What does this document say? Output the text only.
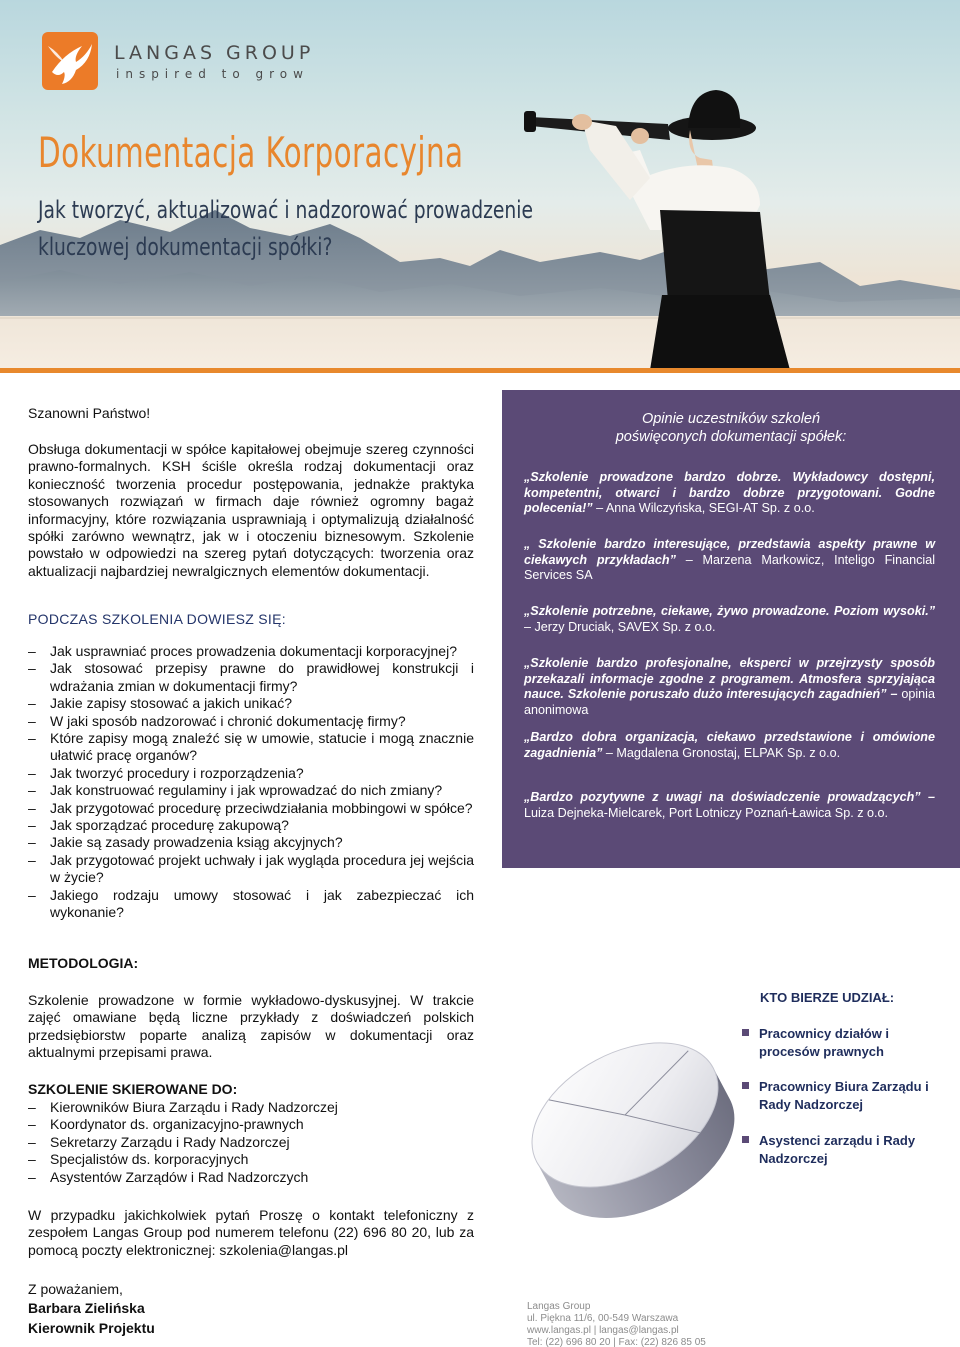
LANGAS GROUP
inspired to grow
Dokumentacja Korporacyjna
Jak tworzyć, aktualizować i nadzorować prowadzenie
kluczowej dokumentacji spółki?
Szanowni Państwo!
Obsługa dokumentacji w spółce kapitałowej obejmuje szereg czynności prawno-formalnych. KSH ściśle określa rodzaj dokumentacji oraz konieczność tworzenia procedur postępowania, jednakże praktyka stosowanych rozwiązań w firmach daje również ogromny bagaż informacyjny, które rozwiązania usprawniają i optymalizują działalność spółki zarówno wewnątrz, jak w i otoczeniu biznesowym. Szkolenie powstało w odpowiedzi na szereg pytań dotyczących: tworzenia oraz aktualizacji najbardziej newralgicznych elementów dokumentacji.
PODCZAS SZKOLENIA DOWIESZ SIĘ:
– Jak usprawniać proces prowadzenia dokumentacji korporacyjnej?
– Jak stosować przepisy prawne do prawidłowej konstrukcji i wdrażania zmian w dokumentacji firmy?
– Jakie zapisy stosować a jakich unikać?
– W jaki sposób nadzorować i chronić dokumentację firmy?
– Które zapisy mogą znaleźć się w umowie, statucie i mogą znacznie ułatwić pracę organów?
– Jak tworzyć procedury i rozporządzenia?
– Jak konstruować regulaminy i jak wprowadzać do nich zmiany?
– Jak przygotować procedurę przeciwdziałania mobbingowi w spółce?
– Jak sporządzać procedurę zakupową?
– Jakie są zasady prowadzenia ksiąg akcyjnych?
– Jak przygotować projekt uchwały i jak wygląda procedura jej wejścia w życie?
– Jakiego rodzaju umowy stosować i jak zabezpieczać ich wykonanie?
METODOLOGIA:
Szkolenie prowadzone w formie wykładowo-dyskusyjnej. W trakcie zajęć omawiane będą liczne przykłady z doświadczeń polskich przedsiębiorstw poparte analizą zapisów w dokumentacji oraz aktualnymi przepisami prawa.
SZKOLENIE SKIEROWANE DO:
– Kierowników Biura Zarządu i Rady Nadzorczej
– Koordynator ds. organizacyjno-prawnych
– Sekretarzy Zarządu i Rady Nadzorczej
– Specjalistów ds. korporacyjnych
– Asystentów Zarządów i Rad Nadzorczych
W przypadku jakichkolwiek pytań Proszę o kontakt telefoniczny z zespołem Langas Group pod numerem telefonu (22) 696 80 20, lub za pomocą poczty elektronicznej: szkolenia@langas.pl
Z poważaniem,
Barbara Zielińska
Kierownik Projektu
Opinie uczestników szkoleń
poświęconych dokumentacji spółek:
„Szkolenie prowadzone bardzo dobrze. Wykładowcy dostępni, kompetentni, otwarci i bardzo dobrze przygotowani. Godne polecenia!” – Anna Wilczyńska, SEGI-AT Sp. z o.o.
„ Szkolenie bardzo interesujące, przedstawia aspekty prawne w ciekawych przykładach” – Marzena Markowicz, Inteligo Financial Services SA
„Szkolenie potrzebne, ciekawe, żywo prowadzone. Poziom wysoki.” – Jerzy Druciak, SAVEX Sp. z o.o.
„Szkolenie bardzo profesjonalne, eksperci w przejrzysty sposób przekazali informacje zgodne z programem. Atmosfera sprzyjająca nauce. Szkolenie poruszało dużo interesujących zagadnień” – opinia anonimowa
„Bardzo dobra organizacja, ciekawo przedstawione i omówione zagadnienia” – Magdalena Gronostaj, ELPAK Sp. z o.o.
„Bardzo pozytywne z uwagi na doświadczenie prowadzących” – Luiza Dejneka-Mielcarek, Port Lotniczy Poznań-Ławica Sp. z o.o.
KTO BIERZE UDZIAŁ:
Pracownicy działów i procesów prawnych
Pracownicy Biura Zarządu i Rady Nadzorczej
Asystenci zarządu i Rady Nadzorczej
Langas Group
ul. Piękna 11/6, 00-549 Warszawa
www.langas.pl | langas@langas.pl
Tel: (22) 696 80 20 | Fax: (22) 826 85 05
